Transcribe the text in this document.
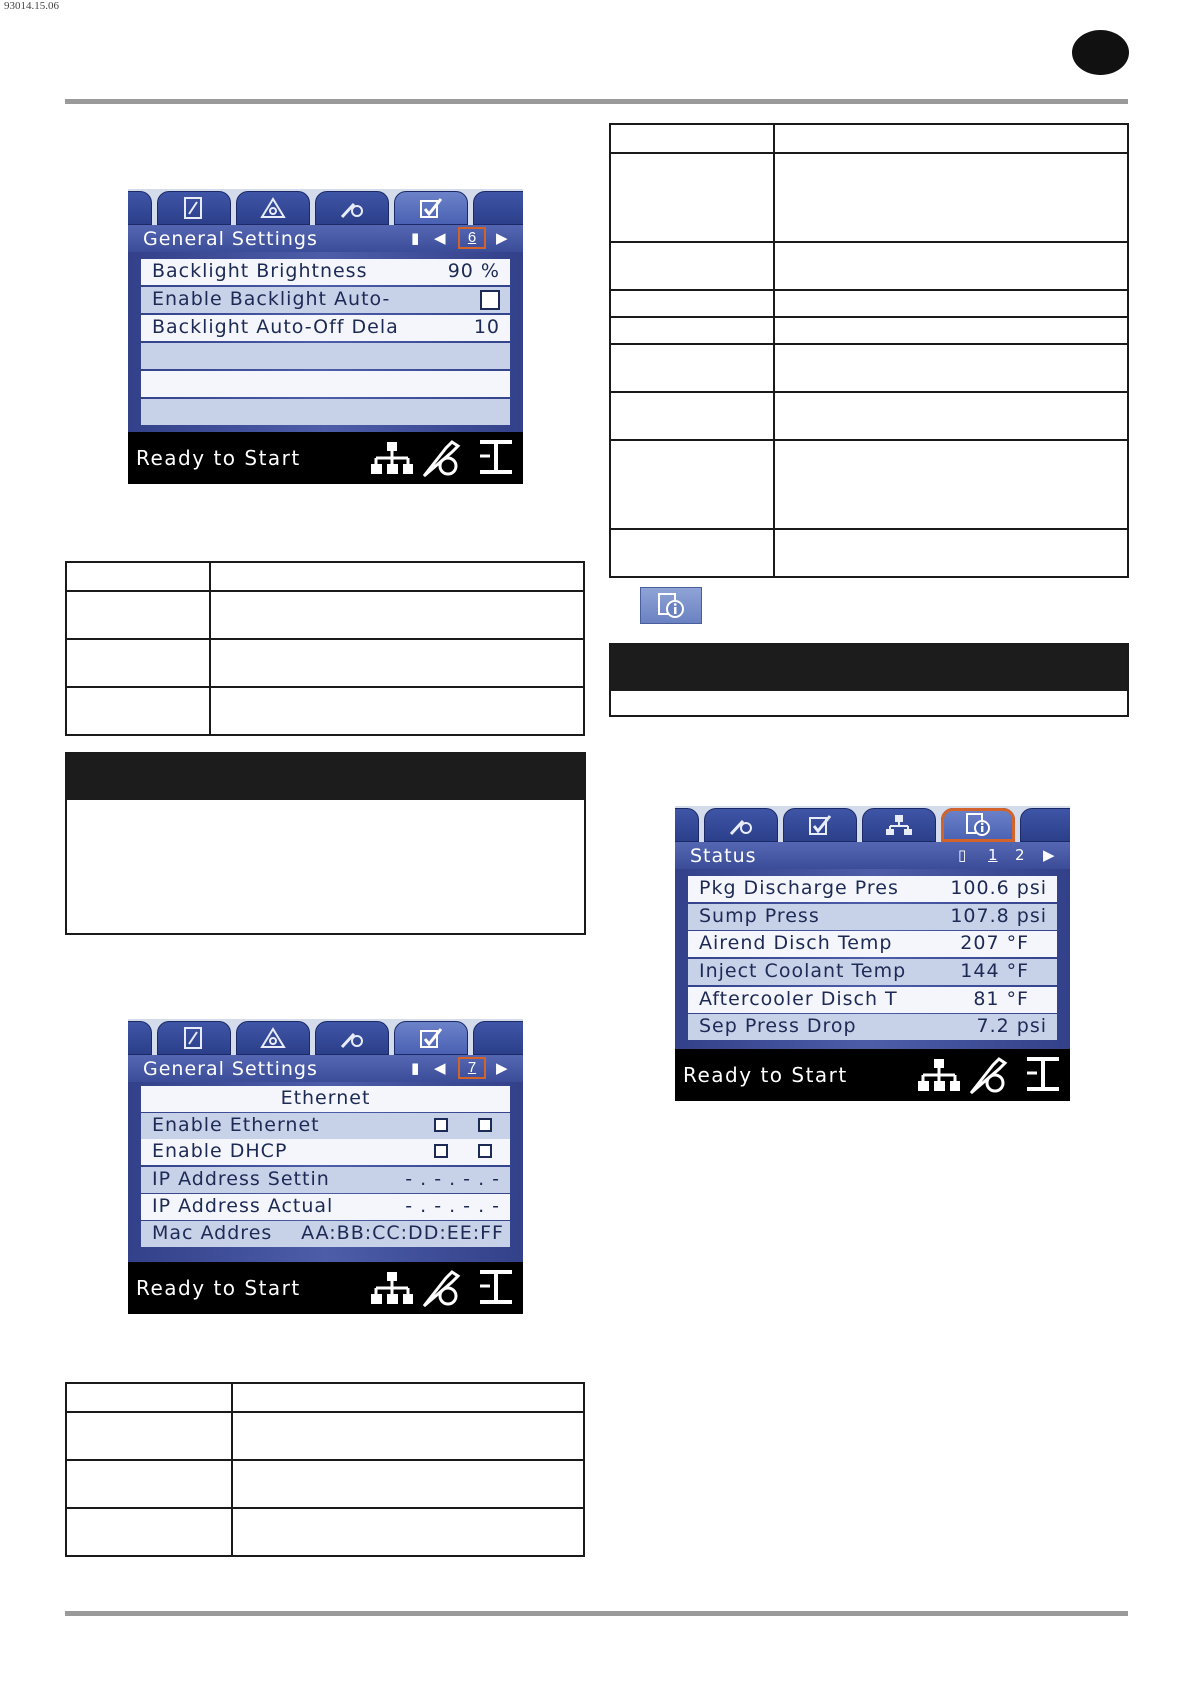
93014.15.06
General Settings	▮ ◀	6	▶
Backlight Brightness	90 %
Enable Backlight Auto-
Backlight Auto-Off Dela	10
Ready to Start

General Settings	▮ ◀	7	▶
Ethernet
Enable Ethernet
Enable DHCP
IP Address Settin	- . - . - . -
IP Address Actual	- . - . - . -
Mac Addres AA:BB:CC:DD:EE:FF
Ready to Start

Status	▯ 1 2 ▶
Pkg Discharge Pres	100.6 psi
Sump Press	107.8 psi
Airend Disch Temp	207 °F
Inject Coolant Temp	144 °F
Aftercooler Disch T	81 °F
Sep Press Drop	7.2 psi
Ready to Start
